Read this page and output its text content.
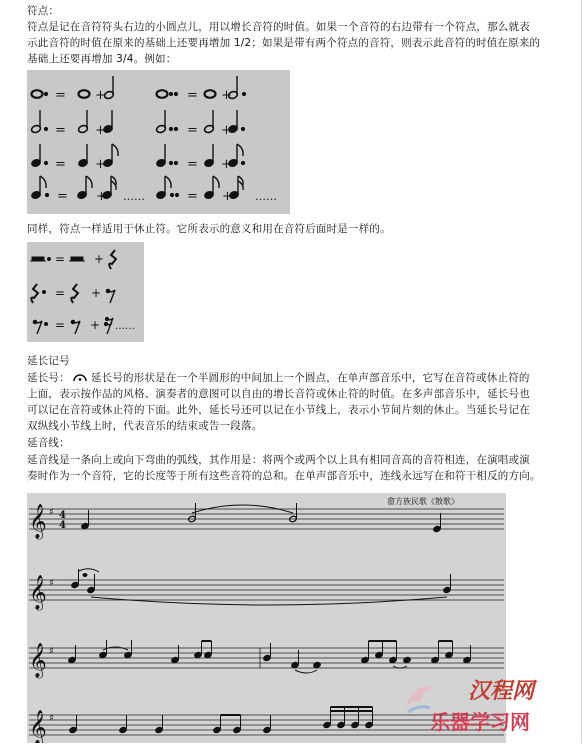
符点：
符点是记在音符符头右边的小圆点儿，用以增长音符的时值。如果一个音符的右边带有一个符点，那么就表
示此音符的时值在原来的基础上还要再增加 1/2；如果是带有两个符点的音符，则表示此音符的时值在原来的
基础上还要再增加 3/4。例如：
= +	= +
= +	= +
= +	= +
= + ……	= + ……
同样，符点一样适用于休止符。它所表示的意义和用在音符后面时是一样的。
= +
= +
= + ……
延长记号
延长号： 延长号的形状是在一个半圆形的中间加上一个圆点，在单声部音乐中，它写在音符或休止符的
上面，表示按作品的风格、演奏者的意图可以自由的增长音符或休止符的时值。在多声部音乐中，延长号也
可以记在音符或休止符的下面。此外，延长号还可以记在小节线上，表示小节间片刻的休止。当延长号记在
双纵线小节线上时，代表音乐的结束或告一段落。
延音线：
延音线是一条向上或向下弯曲的弧线，其作用是：将两个或两个以上具有相同音高的音符相连，在演唱或演
奏时作为一个音符，它的长度等于所有这些音符的总和。在单声部音乐中，连线永远写在和符干相反的方向。
𝄞
𝄞
𝄞
𝄞
♯
♯
♯
♯
4
4
畲方族民歌《散歌》
汉程网
乐器学习网
